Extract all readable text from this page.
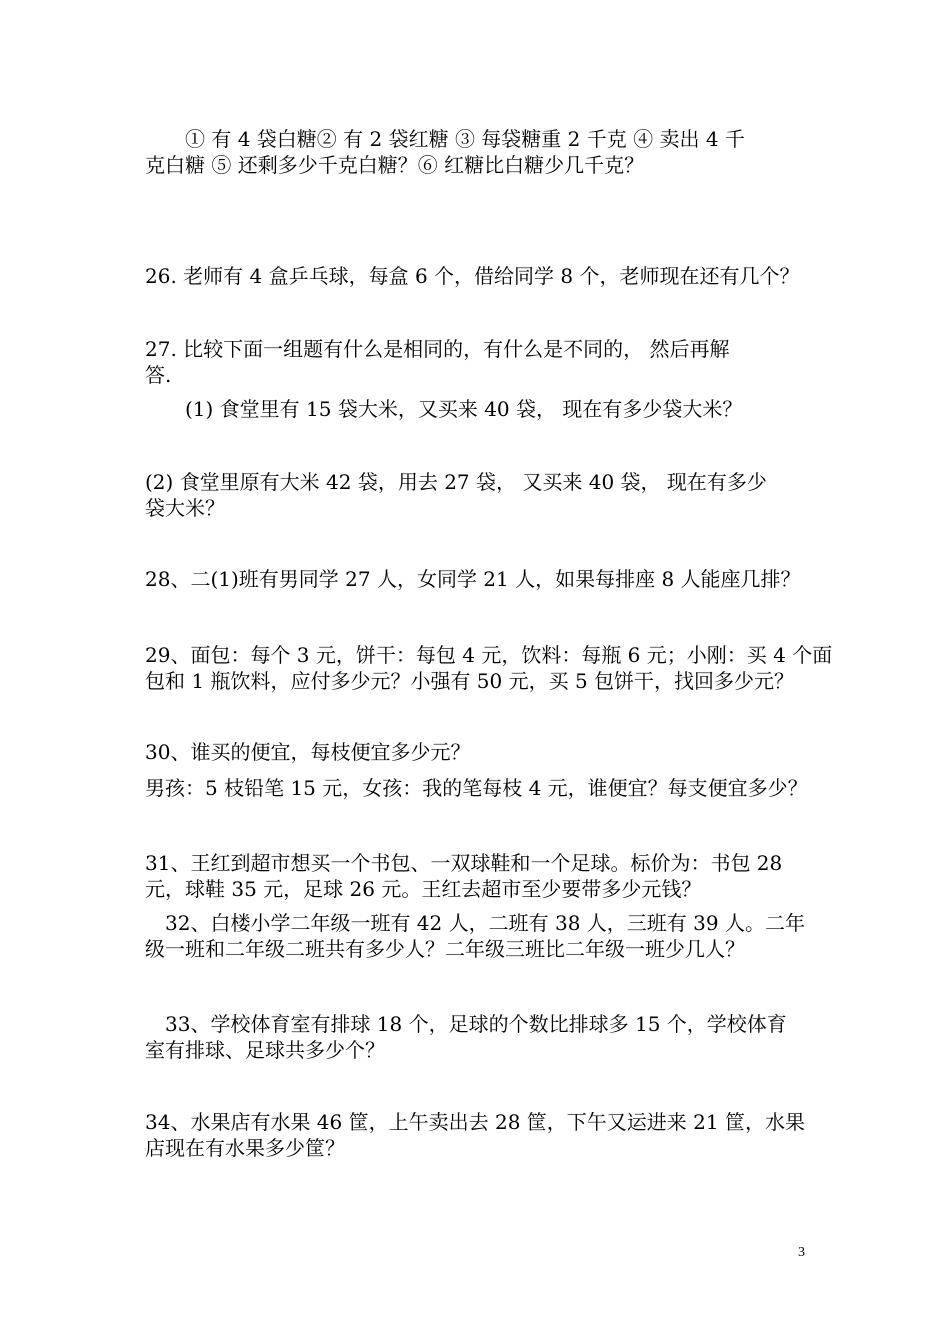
　　① 有 4 袋白糖② 有 2 袋红糖 ③ 每袋糖重 2 千克 ④ 卖出 4 千
克白糖 ⑤ 还剩多少千克白糖？⑥ 红糖比白糖少几千克？
26. 老师有 4 盒乒乓球，每盒 6 个，借给同学 8 个，老师现在还有几个？
27. 比较下面一组题有什么是相同的，有什么是不同的， 然后再解
答.
　　(1) 食堂里有 15 袋大米，又买来 40 袋， 现在有多少袋大米？
(2) 食堂里原有大米 42 袋，用去 27 袋， 又买来 40 袋， 现在有多少
袋大米？
28、二(1)班有男同学 27 人，女同学 21 人，如果每排座 8 人能座几排？
29、面包：每个 3 元，饼干：每包 4 元，饮料：每瓶 6 元；小刚：买 4 个面
包和 1 瓶饮料，应付多少元？小强有 50 元，买 5 包饼干，找回多少元？
30、谁买的便宜，每枝便宜多少元？
男孩：5 枝铅笔 15 元，女孩：我的笔每枝 4 元，谁便宜？每支便宜多少？
31、王红到超市想买一个书包、一双球鞋和一个足球。标价为：书包 28
元，球鞋 35 元，足球 26 元。王红去超市至少要带多少元钱？
　32、白楼小学二年级一班有 42 人，二班有 38 人，三班有 39 人。二年
级一班和二年级二班共有多少人？二年级三班比二年级一班少几人？
　33、学校体育室有排球 18 个，足球的个数比排球多 15 个，学校体育
室有排球、足球共多少个？
34、水果店有水果 46 筐，上午卖出去 28 筐，下午又运进来 21 筐，水果
店现在有水果多少筐？
3
